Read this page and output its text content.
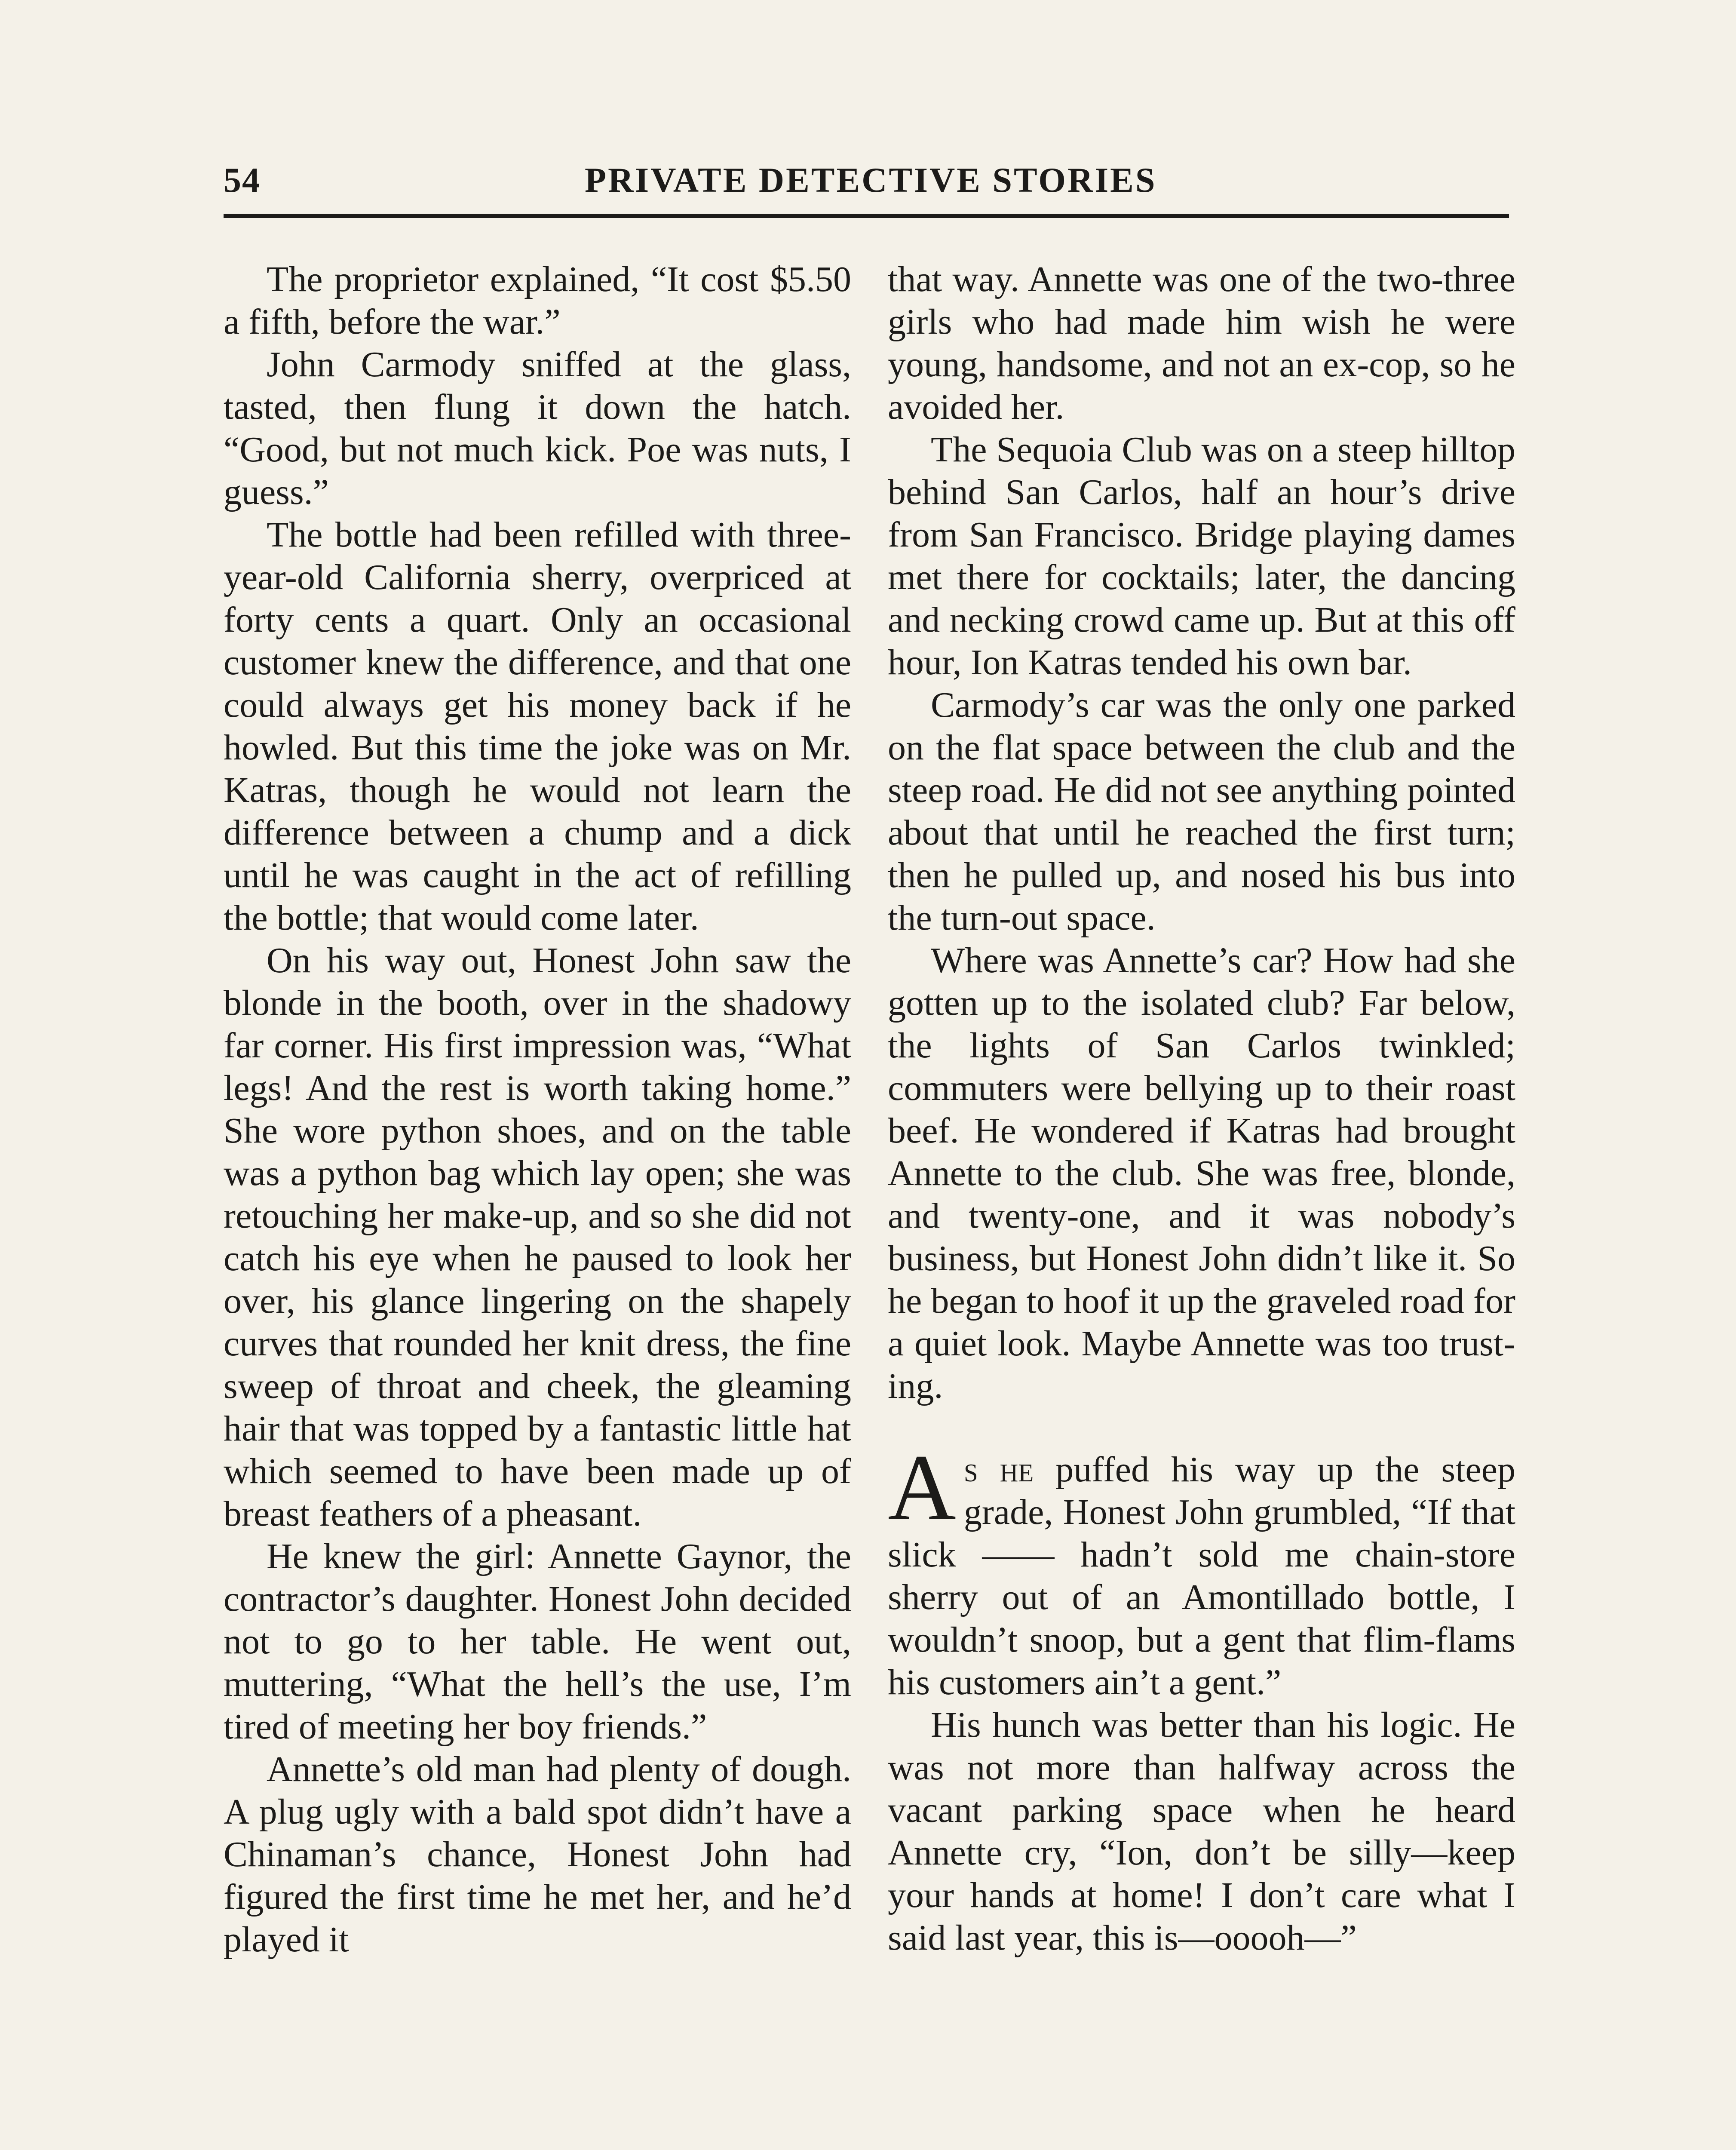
54	PRIVATE DETECTIVE STORIES

The proprietor explained, “It cost $5.50 a fifth, before the war.”

John Carmody sniffed at the glass, tasted, then flung it down the hatch. “Good, but not much kick. Poe was nuts, I guess.”

The bottle had been refilled with three-year-old California sherry, overpriced at forty cents a quart. Only an occasional customer knew the difference, and that one could always get his money back if he howled. But this time the joke was on Mr. Katras, though he would not learn the difference between a chump and a dick until he was caught in the act of refilling the bottle; that would come later.

On his way out, Honest John saw the blonde in the booth, over in the shadowy far corner. His first impression was, “What legs! And the rest is worth taking home.” She wore python shoes, and on the table was a python bag which lay open; she was retouching her make-up, and so she did not catch his eye when he paused to look her over, his glance lingering on the shapely curves that rounded her knit dress, the fine sweep of throat and cheek, the gleaming hair that was topped by a fantastic little hat which seemed to have been made up of breast feathers of a pheasant.

He knew the girl: Annette Gaynor, the contractor’s daughter. Honest John decided not to go to her table. He went out, muttering, “What the hell’s the use, I’m tired of meeting her boy friends.”

Annette’s old man had plenty of dough. A plug ugly with a bald spot didn’t have a Chinaman’s chance, Honest John had figured the first time he met her, and he’d played it

that way. Annette was one of the two-three girls who had made him wish he were young, handsome, and not an ex-cop, so he avoided her.

The Sequoia Club was on a steep hilltop behind San Carlos, half an hour’s drive from San Francisco. Bridge playing dames met there for cocktails; later, the dancing and necking crowd came up. But at this off hour, Ion Katras tended his own bar.

Carmody’s car was the only one parked on the flat space between the club and the steep road. He did not see anything pointed about that until he reached the first turn; then he pulled up, and nosed his bus into the turn-out space.

Where was Annette’s car? How had she gotten up to the isolated club? Far below, the lights of San Carlos twinkled; commuters were bellying up to their roast beef. He wondered if Katras had brought Annette to the club. She was free, blonde, and twenty-one, and it was nobody’s business, but Honest John didn’t like it. So he began to hoof it up the graveled road for a quiet look. Maybe Annette was too trusting.

As he puffed his way up the steep grade, Honest John grumbled, “If that slick —— hadn’t sold me chain-store sherry out of an Amontillado bottle, I wouldn’t snoop, but a gent that flim-flams his customers ain’t a gent.”

His hunch was better than his logic. He was not more than halfway across the vacant parking space when he heard Annette cry, “Ion, don’t be silly—keep your hands at home! I don’t care what I said last year, this is—ooooh—”
